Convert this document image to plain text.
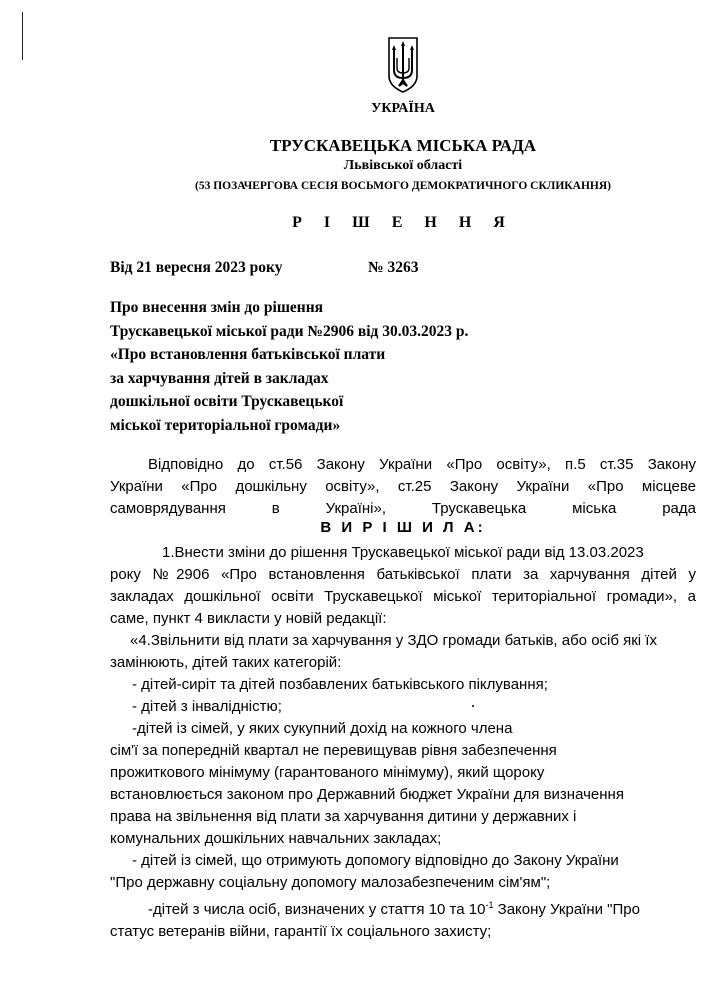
УКРАЇНА
ТРУСКАВЕЦЬКА МІСЬКА РАДА
Львівської області
(53 ПОЗАЧЕРГОВА СЕСІЯ ВОСЬМОГО ДЕМОКРАТИЧНОГО СКЛИКАННЯ)
Р І Ш Е Н Н Я
Від 21 вересня 2023 року	№ 3263
Про внесення змін до рішення
Трускавецької міської ради №2906 від 30.03.2023 р.
«Про встановлення батьківської плати
за харчування дітей в закладах
дошкільної освіти Трускавецької
міської територіальної громади»
Відповідно до ст.56 Закону України «Про освіту», п.5 ст.35 Закону
України «Про дошкільну освіту», ст.25 Закону України «Про місцеве
самоврядування в Україні», Трускавецька міська рада
В И Р І Ш И Л А:
1.Внести зміни до рішення Трускавецької міської ради від 13.03.2023
року №2906 «Про встановлення батьківської плати за харчування дітей у
закладах дошкільної освіти Трускавецької міської територіальної громади», а
саме, пункт 4 викласти у новій редакції:
«4.Звільнити від плати за харчування у ЗДО громади батьків, або осіб які їх
замінюють, дітей таких категорій:
- дітей-сиріт та дітей позбавлених батьківського піклування;
- дітей з інвалідністю;
-дітей із сімей, у яких сукупний дохід на кожного члена
сім'ї за попередній квартал не перевищував рівня забезпечення
прожиткового мінімуму (гарантованого мінімуму), який щороку
встановлюється законом про Державний бюджет України для визначення
права на звільнення від плати за харчування дитини у державних і
комунальних дошкільних навчальних закладах;
- дітей із сімей, що отримують допомогу відповідно до Закону України
"Про державну соціальну допомогу малозабезпеченим сім'ям";
-дітей з числа осіб, визначених у стаття 10 та $10^{-1}$ Закону України "Про
статус ветеранів війни, гарантії їх соціального захисту;
